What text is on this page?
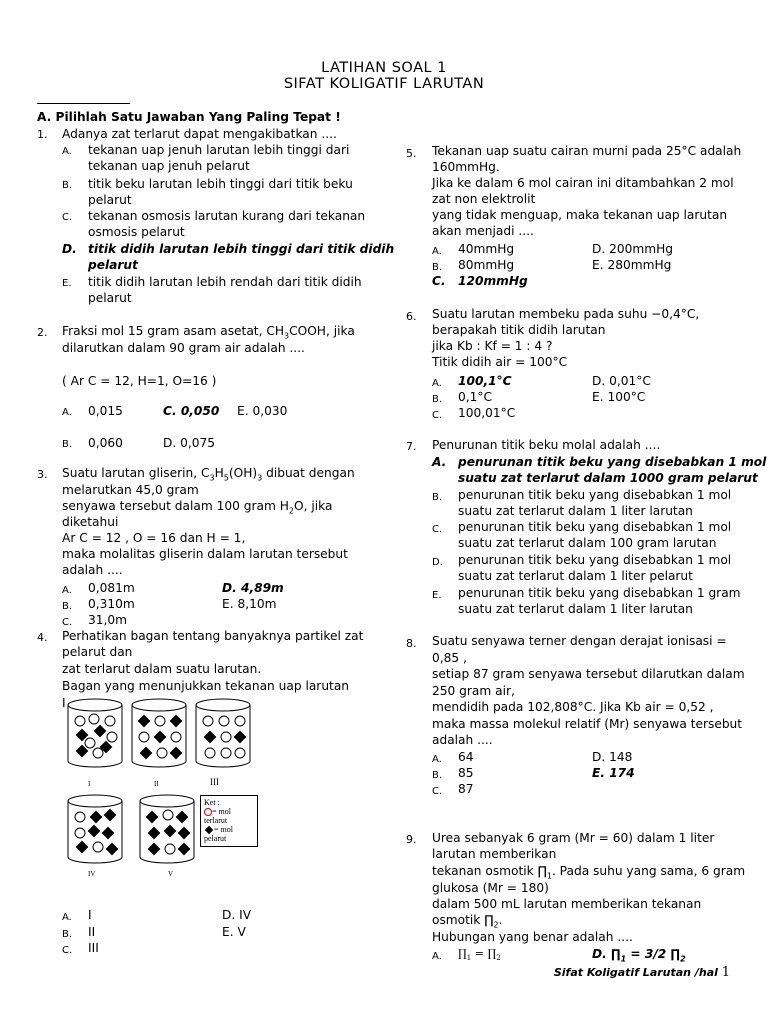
LATIHAN SOAL 1
SIFAT KOLIGATIF LARUTAN
A. Pilihlah Satu Jawaban Yang Paling Tepat !
1. Adanya zat terlarut dapat mengakibatkan ....
A. tekanan uap jenuh larutan lebih tinggi dari
tekanan uap jenuh pelarut
B. titik beku larutan lebih tinggi dari titik beku
pelarut
C. tekanan osmosis larutan kurang dari tekanan
osmosis pelarut
D. titik didih larutan lebih tinggi dari titik didih
pelarut
E. titik didih larutan lebih rendah dari titik didih
pelarut
2. Fraksi mol 15 gram asam asetat, $CH_3COOH$, jika
dilarutkan dalam 90 gram air adalah ....
( Ar C = 12, H=1, O=16 )
A. 0,015	C. 0,050 E. 0,030
B. 0,060	D. 0,075
3. Suatu larutan gliserin, $C_3H_5(OH)_3$ dibuat dengan
melarutkan 45,0 gram
senyawa tersebut dalam 100 gram $H_2O$, jika
diketahui
Ar C = 12 , O = 16 dan H = 1,
maka molalitas gliserin dalam larutan tersebut
adalah ....
A. 0,081m	D. 4,89m
B. 0,310m	E. 8,10m
C. 31,0m
4. Perhatikan bagan tentang banyaknya partikel zat
pelarut dan
zat terlarut dalam suatu larutan.
Bagan yang menunjukkan tekanan uap larutan
I
I	II	III
IV	V
Ket :
= mol
terlarut
= mol
pelarut
A. I	D. IV
B. II	E. V
C. III
5. Tekanan uap suatu cairan murni pada 25°C adalah
160mmHg.
Jika ke dalam 6 mol cairan ini ditambahkan 2 mol
zat non elektrolit
yang tidak menguap, maka tekanan uap larutan
akan menjadi ....
A. 40mmHg	D. 200mmHg
B. 80mmHg	E. 280mmHg
C. 120mmHg
6. Suatu larutan membeku pada suhu −0,4°C,
berapakah titik didih larutan
jika Kb : Kf = 1 : 4 ?
Titik didih air = 100°C
A. 100,1°C	D. 0,01°C
B. 0,1°C	E. 100°C
C. 100,01°C
7. Penurunan titik beku molal adalah ....
A. penurunan titik beku yang disebabkan 1 mol
suatu zat terlarut dalam 1000 gram pelarut
B. penurunan titik beku yang disebabkan 1 mol
suatu zat terlarut dalam 1 liter larutan
C. penurunan titik beku yang disebabkan 1 mol
suatu zat terlarut dalam 100 gram larutan
D. penurunan titik beku yang disebabkan 1 mol
suatu zat terlarut dalam 1 liter pelarut
E. penurunan titik beku yang disebabkan 1 gram
suatu zat terlarut dalam 1 liter larutan
8. Suatu senyawa terner dengan derajat ionisasi =
0,85 ,
setiap 87 gram senyawa tersebut dilarutkan dalam
250 gram air,
mendidih pada 102,808°C. Jika Kb air = 0,52 ,
maka massa molekul relatif (Mr) senyawa tersebut
adalah ....
A. 64	D. 148
B. 85	E. 174
C. 87
9. Urea sebanyak 6 gram (Mr = 60) dalam 1 liter
larutan memberikan
tekanan osmotik $\prod_1$. Pada suhu yang sama, 6 gram
glukosa (Mr = 180)
dalam 500 mL larutan memberikan tekanan
osmotik $\prod_2$.
Hubungan yang benar adalah ....
A. $\prod_1$ = $\prod_2$	D. $\prod_1 = 3/2$ $\prod_2$
Sifat Koligatif Larutan /hal 1
